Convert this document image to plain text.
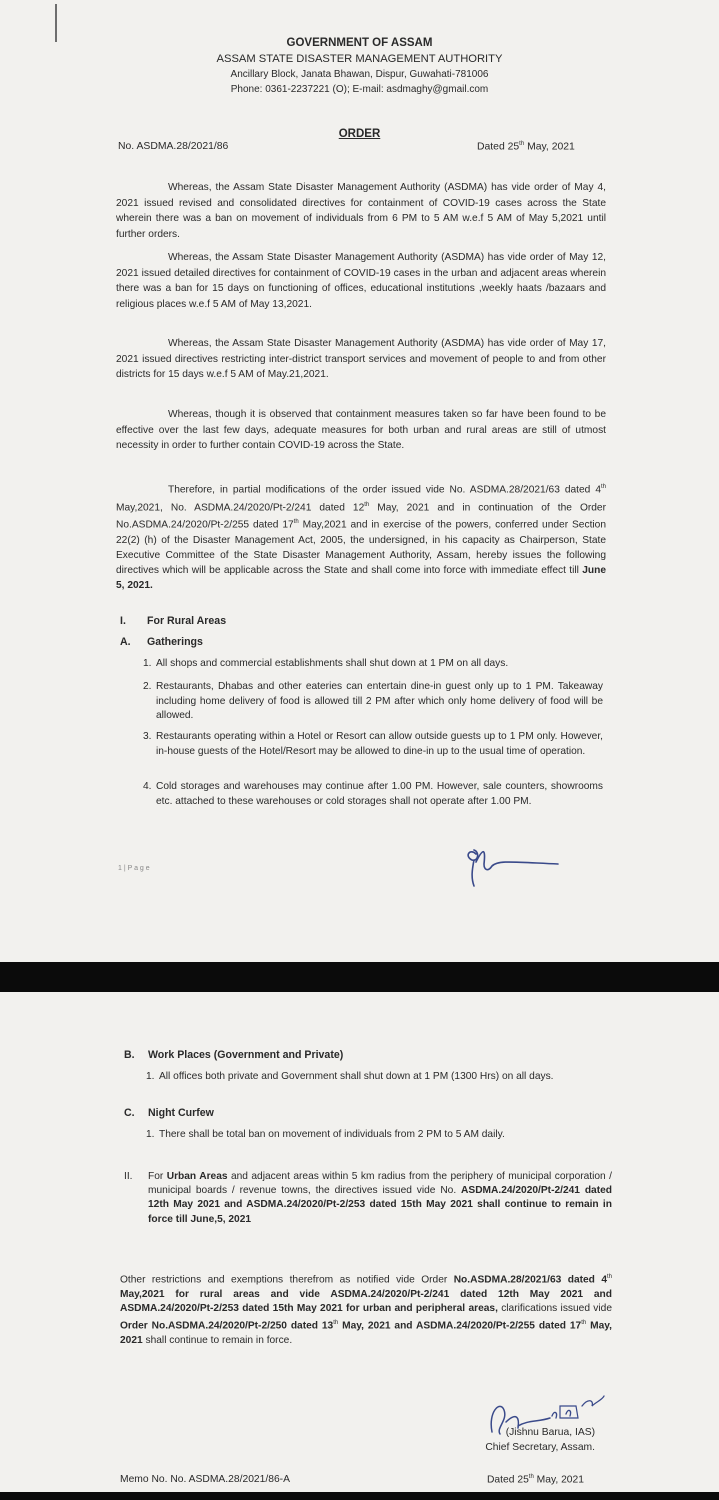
GOVERNMENT OF ASSAM
ASSAM STATE DISASTER MANAGEMENT AUTHORITY
Ancillary Block, Janata Bhawan, Dispur, Guwahati-781006
Phone: 0361-2237221 (O); E-mail: asdmaghy@gmail.com
ORDER
No. ASDMA.28/2021/86	Dated 25th May, 2021
Whereas, the Assam State Disaster Management Authority (ASDMA) has vide order of May 4, 2021 issued revised and consolidated directives for containment of COVID-19 cases across the State wherein there was a ban on movement of individuals from 6 PM to 5 AM w.e.f 5 AM of May 5,2021 until further orders.
Whereas, the Assam State Disaster Management Authority (ASDMA) has vide order of May 12, 2021 issued detailed directives for containment of COVID-19 cases in the urban and adjacent areas wherein there was a ban for 15 days on functioning of offices, educational institutions ,weekly haats /bazaars and religious places w.e.f 5 AM of May 13,2021.
Whereas, the Assam State Disaster Management Authority (ASDMA) has vide order of May 17, 2021 issued directives restricting inter-district transport services and movement of people to and from other districts for 15 days w.e.f 5 AM of May.21,2021.
Whereas, though it is observed that containment measures taken so far have been found to be effective over the last few days, adequate measures for both urban and rural areas are still of utmost necessity in order to further contain COVID-19 across the State.
Therefore, in partial modifications of the order issued vide No. ASDMA.28/2021/63 dated 4th May,2021, No. ASDMA.24/2020/Pt-2/241 dated 12th May, 2021 and in continuation of the Order No.ASDMA.24/2020/Pt-2/255 dated 17th May,2021 and in exercise of the powers, conferred under Section 22(2) (h) of the Disaster Management Act, 2005, the undersigned, in his capacity as Chairperson, State Executive Committee of the State Disaster Management Authority, Assam, hereby issues the following directives which will be applicable across the State and shall come into force with immediate effect till June 5, 2021.
I. For Rural Areas
A. Gatherings
1. All shops and commercial establishments shall shut down at 1 PM on all days.
2. Restaurants, Dhabas and other eateries can entertain dine-in guest only up to 1 PM. Takeaway including home delivery of food is allowed till 2 PM after which only home delivery of food will be allowed.
3. Restaurants operating within a Hotel or Resort can allow outside guests up to 1 PM only. However, in-house guests of the Hotel/Resort may be allowed to dine-in up to the usual time of operation.
4. Cold storages and warehouses may continue after 1.00 PM. However, sale counters, showrooms etc. attached to these warehouses or cold storages shall not operate after 1.00 PM.
1 | P a g e
B. Work Places (Government and Private)
1. All offices both private and Government shall shut down at 1 PM (1300 Hrs) on all days.
C. Night Curfew
1. There shall be total ban on movement of individuals from 2 PM to 5 AM daily.
II.	For Urban Areas and adjacent areas within 5 km radius from the periphery of municipal corporation / municipal boards / revenue towns, the directives issued vide No. ASDMA.24/2020/Pt-2/241 dated 12th May 2021 and ASDMA.24/2020/Pt-2/253 dated 15th May 2021 shall continue to remain in force till June,5, 2021
Other restrictions and exemptions therefrom as notified vide Order No.ASDMA.28/2021/63 dated 4th May,2021 for rural areas and vide ASDMA.24/2020/Pt-2/241 dated 12th May 2021 and ASDMA.24/2020/Pt-2/253 dated 15th May 2021 for urban and peripheral areas, clarifications issued vide Order No.ASDMA.24/2020/Pt-2/250 dated 13th May, 2021 and ASDMA.24/2020/Pt-2/255 dated 17th May, 2021 shall continue to remain in force.
(Jishnu Barua, IAS)
Chief Secretary, Assam.
Memo No. No. ASDMA.28/2021/86-A	Dated 25th May, 2021
